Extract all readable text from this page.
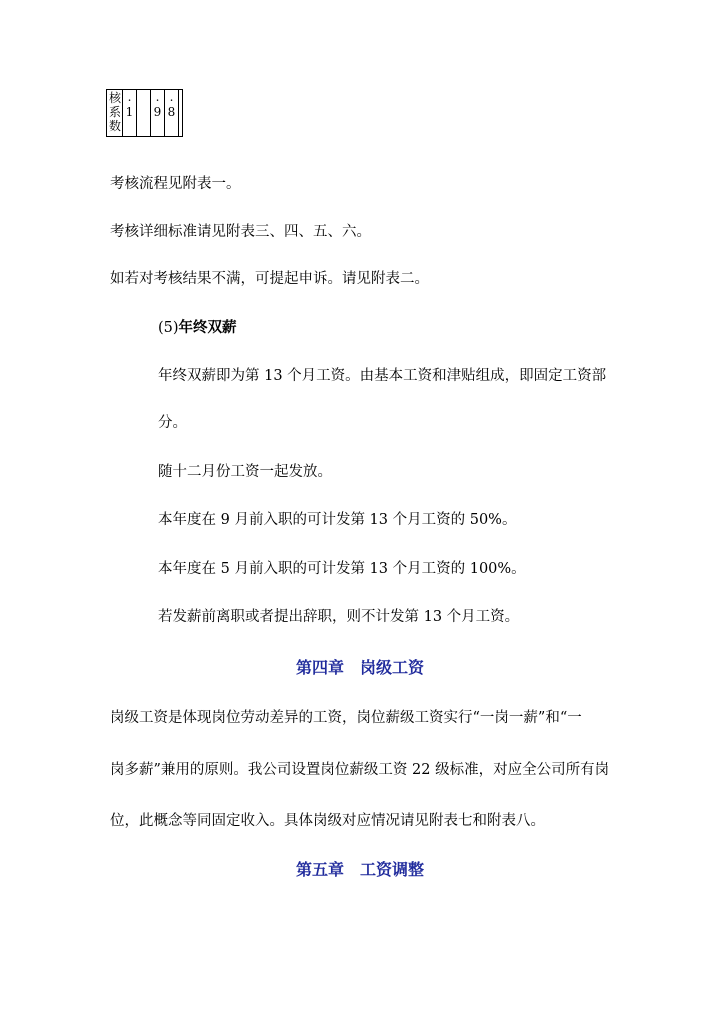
核
系
数
.
1
.
9
.
8
考核流程见附表一。
考核详细标准请见附表三、四、五、六。
如若对考核结果不满，可提起申诉。请见附表二。
(5)年终双薪
年终双薪即为第 13 个月工资。由基本工资和津贴组成，即固定工资部
分。
随十二月份工资一起发放。
本年度在 9 月前入职的可计发第 13 个月工资的 50%。
本年度在 5 月前入职的可计发第 13 个月工资的 100%。
若发薪前离职或者提出辞职，则不计发第 13 个月工资。
第四章　岗级工资
岗级工资是体现岗位劳动差异的工资，岗位薪级工资实行“一岗一薪”和“一
岗多薪”兼用的原则。我公司设置岗位薪级工资 22 级标准，对应全公司所有岗
位，此概念等同固定收入。具体岗级对应情况请见附表七和附表八。
第五章　工资调整
